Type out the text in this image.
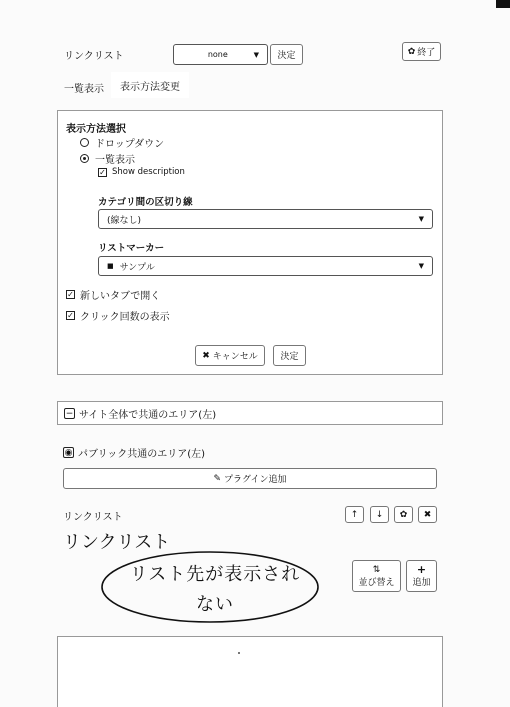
リンクリスト	none	▼ 決定	✿ 終了
一覧表示 表示方法変更
表示方法選択
ドロップダウン
一覧表示
✓ Show description
カテゴリ間の区切り線
(線なし)	▼
リストマーカー
■ サンプル	▼
✓ 新しいタブで開く
✓ クリック回数の表示
✖ キャンセル	決定
− サイト全体で共通のエリア(左)
◉ パブリック共通のエリア(左)
✎ プラグイン追加
リンクリスト	↑ ↓ ✿ ✖
リンクリスト
⇅
並び替え
+
追加
リスト先が表示されない
